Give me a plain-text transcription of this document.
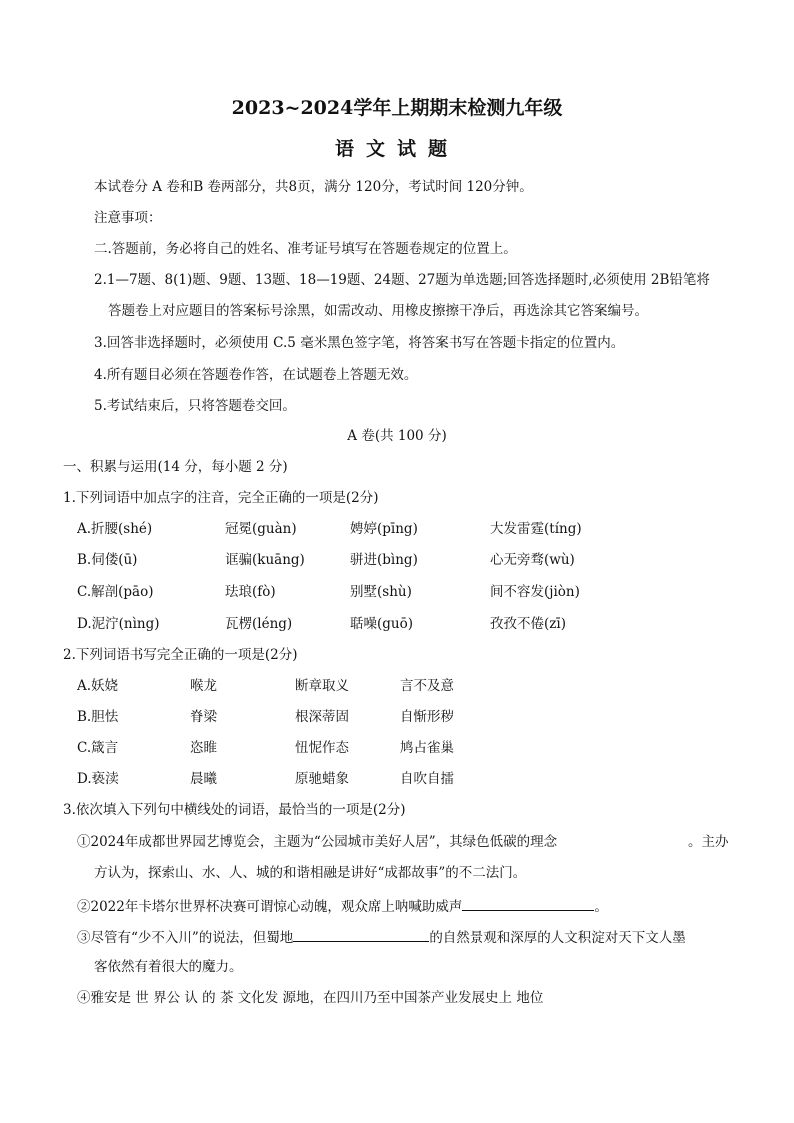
2023~2024学年上期期末检测九年级
语文试题
本试卷分 A 卷和B 卷两部分，共8页，满分 120分，考试时间 120分钟。
注意事项：
二.答题前，务必将自己的姓名、准考证号填写在答题卷规定的位置上。
2.1—7题、8(1)题、9题、13题、18—19题、24题、27题为单选题;回答选择题时,必须使用 2B铅笔将
答题卷上对应题目的答案标号涂黑，如需改动、用橡皮擦擦干净后，再选涂其它答案编号。
3.回答非选择题时，必须使用 C.5 毫米黑色签字笔，将答案书写在答题卡指定的位置内。
4.所有题目必须在答题卷作答，在试题卷上答题无效。
5.考试结束后，只将答题卷交回。
A 卷(共 100 分)
一、积累与运用(14 分，每小题 2 分)
1.下列词语中加点字的注音，完全正确的一项是(2分)
A.折腰(shé)	冠冕(guàn)	娉婷(pīng)	大发雷霆(tíng)
B.伺偻(ū)	诓骗(kuāng)	骈进(bìng)	心无旁骛(wù)
C.解剖(pāo)	珐琅(fò)	别墅(shù)	间不容发(jiòn)
D.泥泞(nìng)	瓦楞(léng)	聒噪(guō)	孜孜不倦(zī)
2.下列词语书写完全正确的一项是(2分)
A.妖娆	喉龙	断章取义	言不及意
B.胆怯	脊梁	根深蒂固	自惭形秽
C.箴言	恣睢	忸怩作态	鸠占雀巢
D.亵渎	晨曦	原驰蜡象	自吹自擂
3.依次填入下列句中横线处的词语，最恰当的一项是(2分)
①2024年成都世界园艺博览会，主题为“公园城市美好人居”，其绿色低碳的理念	。主办
方认为，探索山、水、人、城的和谐相融是讲好“成都故事”的不二法门。
②2022年卡塔尔世界杯决赛可谓惊心动魄，观众席上呐喊助威声	。
③尽管有“少不入川”的说法，但蜀地	的自然景观和深厚的人文积淀对天下文人墨
客依然有着很大的魔力。
④雅安是 世 界公 认 的 茶 文化发 源地，在四川乃至中国茶产业发展史上 地位
